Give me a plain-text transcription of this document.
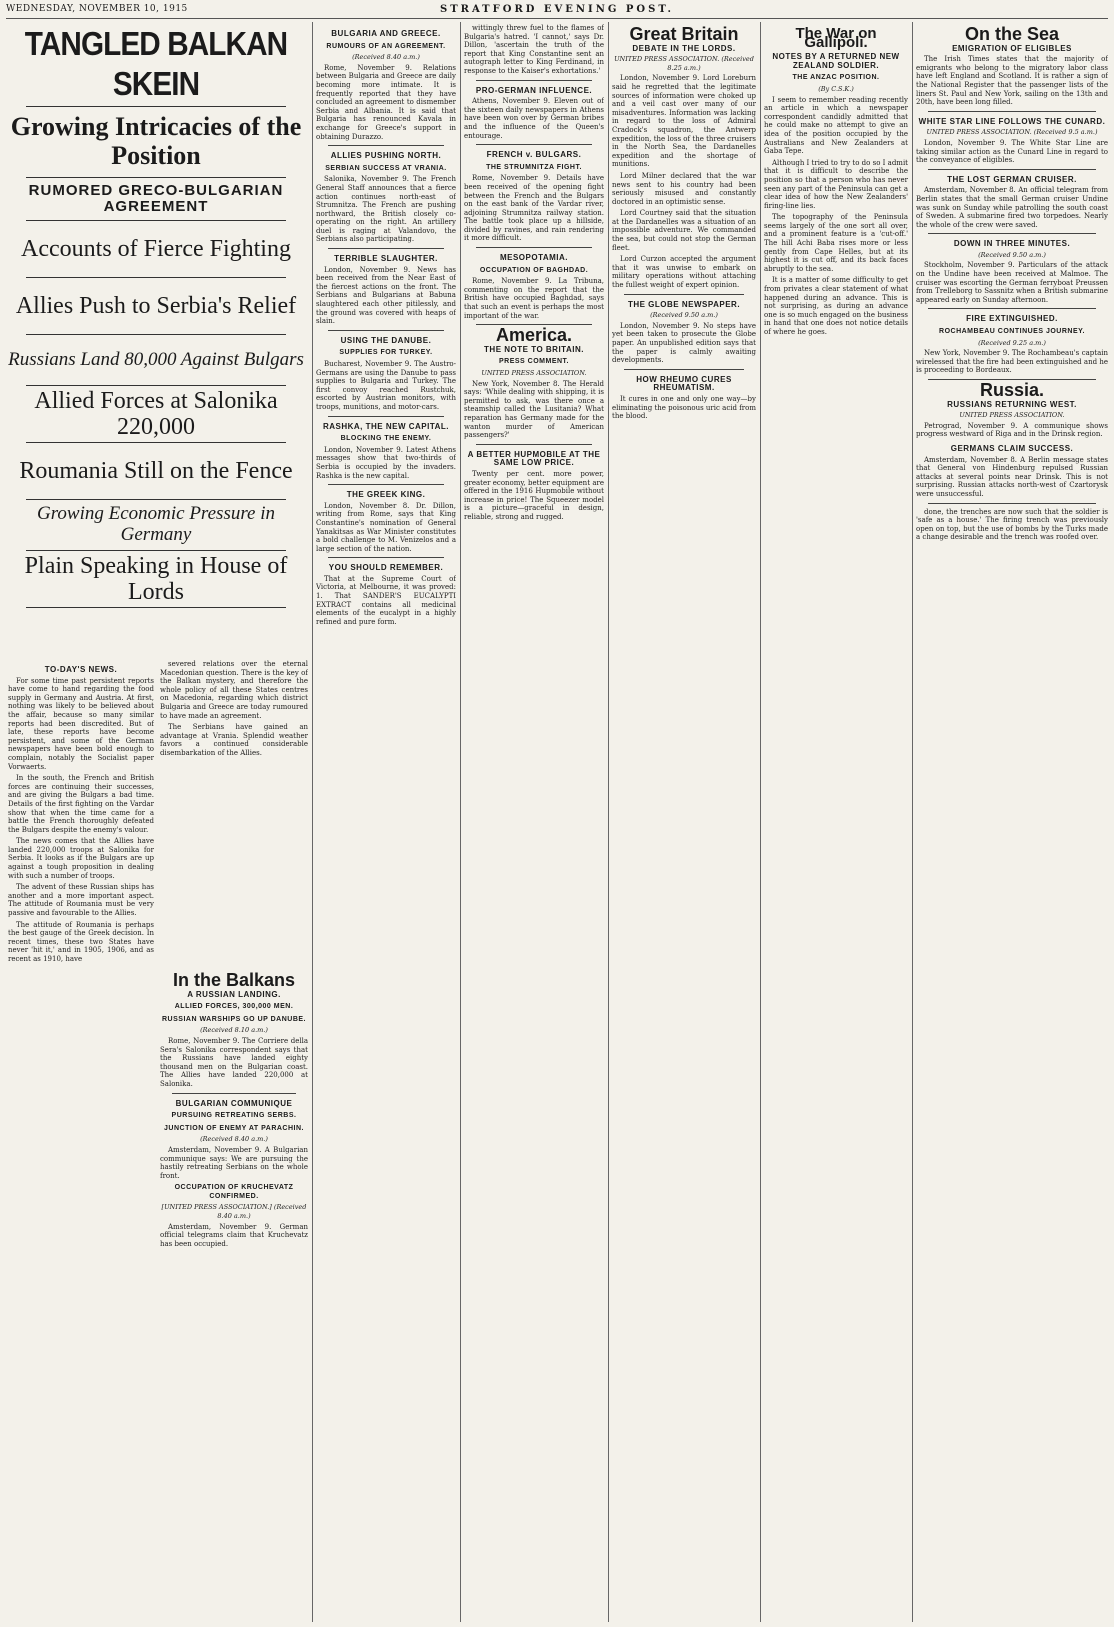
WEDNESDAY, NOVEMBER 10, 1915	STRATFORD EVENING POST.
TANGLED BALKAN SKEIN
Growing Intricacies of the Position
RUMORED GRECO-BULGARIAN AGREEMENT
Accounts of Fierce Fighting
Allies Push to Serbia's Relief
Russians Land 80,000 Against Bulgars
Allied Forces at Salonika 220,000
Roumania Still on the Fence
Growing Economic Pressure in Germany
Plain Speaking in House of Lords
TO-DAY'S NEWS.

For some time past persistent reports have come to hand regarding the food supply in Germany and Austria. At first, nothing was likely to be believed about the affair, because so many similar reports had been discredited. But of late, these reports have become persistent, and some of the German newspapers have been bold enough to complain, notably the Socialist paper Vorwaerts.

In the south, the French and British forces are continuing their successes, and are giving the Bulgars a bad time. Details of the first fighting on the Vardar show that when the time came for a battle the French thoroughly defeated the Bulgars despite the enemy's valour.

The news comes that the Allies have landed 220,000 troops at Salonika for Serbia. It looks as if the Bulgars are up against a tough proposition in dealing with such a number of troops.

The advent of these Russian ships has another and a more important aspect. The attitude of Roumania must be very passive and favourable to the Allies.

The attitude of Roumania is perhaps the best gauge of the Greek decision. In recent times, these two States have never 'hit it,' and in 1905, 1906, and as recent as 1910, have

severed relations over the eternal Macedonian question. There is the key of the Balkan mystery, and therefore the whole policy of all these States centres on Macedonia, regarding which district Bulgaria and Greece are today rumoured to have made an agreement.

The Serbians have gained an advantage at Vrania. Splendid weather favors a continued considerable disembarkation of the Allies.

In the Balkans
A RUSSIAN LANDING.
ALLIED FORCES, 300,000 MEN.
RUSSIAN WARSHIPS GO UP DANUBE.
(Received 8.10 a.m.)

Rome, November 9. The Corriere della Sera's Salonika correspondent says that the Russians have landed eighty thousand men on the Bulgarian coast. The Allies have landed 220,000 at Salonika.

BULGARIAN COMMUNIQUE
PURSUING RETREATING SERBS.
JUNCTION OF ENEMY AT PARACHIN.
(Received 8.40 a.m.)

Amsterdam, November 9. A Bulgarian communique says: We are pursuing the hastily retreating Serbians on the whole front.

OCCUPATION OF KRUCHEVATZ CONFIRMED.
[UNITED PRESS ASSOCIATION.] (Received 8.40 a.m.)

Amsterdam, November 9. German official telegrams claim that Kruchevatz has been occupied.

BULGARIA AND GREECE.
RUMOURS OF AN AGREEMENT.
(Received 8.40 a.m.)

Rome, November 9. Relations between Bulgaria and Greece are daily becoming more intimate. It is frequently reported that they have concluded an agreement to dismember Serbia and Albania. It is said that Bulgaria has renounced Kavala in exchange for Greece's support in obtaining Durazzo.

ALLIES PUSHING NORTH.
SERBIAN SUCCESS AT VRANIA.

Salonika, November 9. The French General Staff announces that a fierce action continues north-east of Strumnitza. The French are pushing northward, the British closely co-operating on the right. An artillery duel is raging at Valandovo, the Serbians also participating.

TERRIBLE SLAUGHTER.

London, November 9. News has been received from the Near East of the fiercest actions on the front. The Serbians and Bulgarians at Babuna slaughtered each other pitilessly, and the ground was covered with heaps of slain.

USING THE DANUBE.
SUPPLIES FOR TURKEY.

Bucharest, November 9. The Austro-Germans are using the Danube to pass supplies to Bulgaria and Turkey. The first convoy reached Rustchuk, escorted by Austrian monitors, with troops, munitions, and motor-cars.

RASHKA, THE NEW CAPITAL.
BLOCKING THE ENEMY.

London, November 9. Latest Athens messages show that two-thirds of Serbia is occupied by the invaders. Rashka is the new capital.

THE GREEK KING.

London, November 8. Dr. Dillon, writing from Rome, says that King Constantine's nomination of General Yanakitsas as War Minister constitutes a bold challenge to M. Venizelos and a large section of the nation.

YOU SHOULD REMEMBER.

That at the Supreme Court of Victoria, at Melbourne, it was proved: 1. That SANDER'S EUCALYPTI EXTRACT contains all medicinal elements of the eucalypt in a highly refined and pure form.

wittingly threw fuel to the flames of Bulgaria's hatred. 'I cannot,' says Dr. Dillon, 'ascertain the truth of the report that King Constantine sent an autograph letter to King Ferdinand, in response to the Kaiser's exhortations.'

PRO-GERMAN INFLUENCE.

Athens, November 9. Eleven out of the sixteen daily newspapers in Athens have been won over by German bribes and the influence of the Queen's entourage.

FRENCH v. BULGARS.
THE STRUMNITZA FIGHT.

Rome, November 9. Details have been received of the opening fight between the French and the Bulgars on the east bank of the Vardar river, adjoining Strumnitza railway station. The battle took place up a hillside, divided by ravines, and rain rendering it more difficult.

MESOPOTAMIA.
OCCUPATION OF BAGHDAD.

Rome, November 9. La Tribuna, commenting on the report that the British have occupied Baghdad, says that such an event is perhaps the most important of the war.

America.
THE NOTE TO BRITAIN.
PRESS COMMENT.
UNITED PRESS ASSOCIATION.

New York, November 8. The Herald says: 'While dealing with shipping, it is permitted to ask, was there once a steamship called the Lusitania? What reparation has Germany made for the wanton murder of American passengers?'

A BETTER HUPMOBILE AT THE SAME LOW PRICE.

Twenty per cent. more power, greater economy, better equipment are offered in the 1916 Hupmobile without increase in price! The Squeezer model is a picture—graceful in design, reliable, strong and rugged.

Great Britain
DEBATE IN THE LORDS.
UNITED PRESS ASSOCIATION. (Received 8.25 a.m.)

London, November 9. Lord Loreburn said he regretted that the legitimate sources of information were choked up and a veil cast over many of our misadventures. Information was lacking in regard to the loss of Admiral Cradock's squadron, the Antwerp expedition, the loss of the three cruisers in the North Sea, the Dardanelles expedition and the shortage of munitions.

Lord Milner declared that the war news sent to his country had been seriously misused and constantly doctored in an optimistic sense.

Lord Courtney said that the situation at the Dardanelles was a situation of an impossible adventure. We commanded the sea, but could not stop the German fleet.

Lord Curzon accepted the argument that it was unwise to embark on military operations without attaching the fullest weight of expert opinion.

THE GLOBE NEWSPAPER.
(Received 9.50 a.m.)

London, November 9. No steps have yet been taken to prosecute the Globe paper. An unpublished edition says that the paper is calmly awaiting developments.

HOW RHEUMO CURES RHEUMATISM.

It cures in one and only one way—by eliminating the poisonous uric acid from the blood.

The War on Gallipoli.
NOTES BY A RETURNED NEW ZEALAND SOLDIER.
THE ANZAC POSITION.
(By C.S.K.)

I seem to remember reading recently an article in which a newspaper correspondent candidly admitted that he could make no attempt to give an idea of the position occupied by the Australians and New Zealanders at Gaba Tepe.

Although I tried to try to do so I admit that it is difficult to describe the position so that a person who has never seen any part of the Peninsula can get a clear idea of how the New Zealanders' firing-line lies.

The topography of the Peninsula seems largely of the one sort all over, and a prominent feature is a 'cut-off.' The hill Achi Baba rises more or less gently from Cape Helles, but at its highest it is cut off, and its back faces abruptly to the sea.

It is a matter of some difficulty to get from privates a clear statement of what happened during an advance. This is not surprising, as during an advance one is so much engaged on the business in hand that one does not notice details of where he goes.

On the Sea
EMIGRATION OF ELIGIBLES

The Irish Times states that the majority of emigrants who belong to the migratory labor class have left England and Scotland. It is rather a sign of the National Register that the passenger lists of the liners St. Paul and New York, sailing on the 13th and 20th, have been long filled.

WHITE STAR LINE FOLLOWS THE CUNARD.
UNITED PRESS ASSOCIATION. (Received 9.5 a.m.)

London, November 9. The White Star Line are taking similar action as the Cunard Line in regard to the conveyance of eligibles.

THE LOST GERMAN CRUISER.

Amsterdam, November 8. An official telegram from Berlin states that the small German cruiser Undine was sunk on Sunday while patrolling the south coast of Sweden. A submarine fired two torpedoes. Nearly the whole of the crew were saved.

DOWN IN THREE MINUTES.
(Received 9.50 a.m.)

Stockholm, November 9. Particulars of the attack on the Undine have been received at Malmoe. The cruiser was escorting the German ferryboat Preussen from Trelleborg to Sassnitz when a British submarine appeared early on Sunday afternoon.

FIRE EXTINGUISHED.
ROCHAMBEAU CONTINUES JOURNEY.
(Received 9.25 a.m.)

New York, November 9. The Rochambeau's captain wirelessed that the fire had been extinguished and he is proceeding to Bordeaux.

Russia.
RUSSIANS RETURNING WEST.
UNITED PRESS ASSOCIATION.

Petrograd, November 9. A communique shows progress westward of Riga and in the Drinsk region.

GERMANS CLAIM SUCCESS.

Amsterdam, November 8. A Berlin message states that General von Hindenburg repulsed Russian attacks at several points near Drinsk. This is not surprising. Russian attacks north-west of Czartorysk were unsuccessful.

done, the trenches are now such that the soldier is 'safe as a house.' The firing trench was previously open on top, but the use of bombs by the Turks made a change desirable and the trench was roofed over.
